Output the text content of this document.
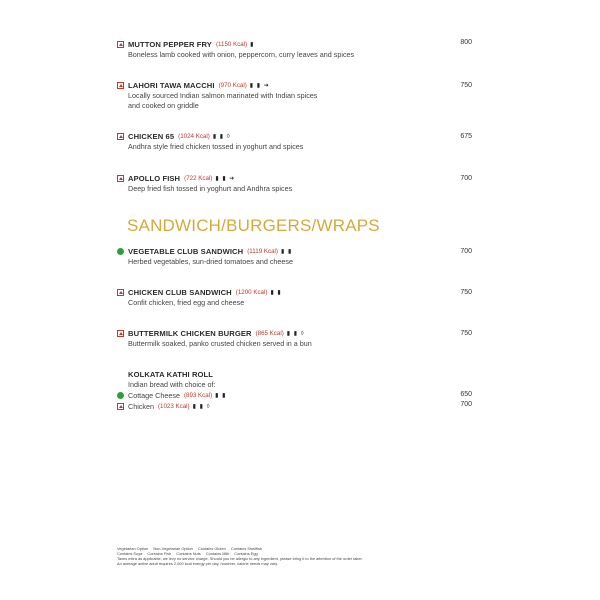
MUTTON PEPPER FRY (1150 Kcal) ▮
Boneless lamb cooked with onion, peppercorn, curry leaves and spices
800
LAHORI TAWA MACCHI (970 Kcal) ▮ ▮ ➔
Locally sourced Indian salmon marinated with Indian spices
and cooked on griddle
750
CHICKEN 65 (1024 Kcal) ▮ ▮ ◊
Andhra style fried chicken tossed in yoghurt and spices
675
APOLLO FISH (722 Kcal) ▮ ▮ ➔
Deep fried fish tossed in yoghurt and Andhra spices
700
SANDWICH/BURGERS/WRAPS
VEGETABLE CLUB SANDWICH (1119 Kcal) ▮ ▮
Herbed vegetables, sun-dried tomatoes and cheese
700
CHICKEN CLUB SANDWICH (1200 Kcal) ▮ ▮
Confit chicken, fried egg and cheese
750
BUTTERMILK CHICKEN BURGER (865 Kcal) ▮ ▮ ◊
Buttermilk soaked, panko crusted chicken served in a bun
750
KOLKATA KATHI ROLL
Indian bread with choice of:
Cottage Cheese (893 Kcal) ▮ ▮
Chicken (1023 Kcal) ▮ ▮ ◊
650
700
Vegetarian Option Non-Vegetarian Option Contains Gluten Contains Shellfish
Contains Soya Contains Fish Contains Nuts Contains Milk Contains Egg
Taxes extra as applicable, we levy no service charge. Should you be allergic to any ingredient, please bring it to the attention of the order taker.
An average active adult requires 2,000 kcal energy per day, however, calorie needs may vary.
